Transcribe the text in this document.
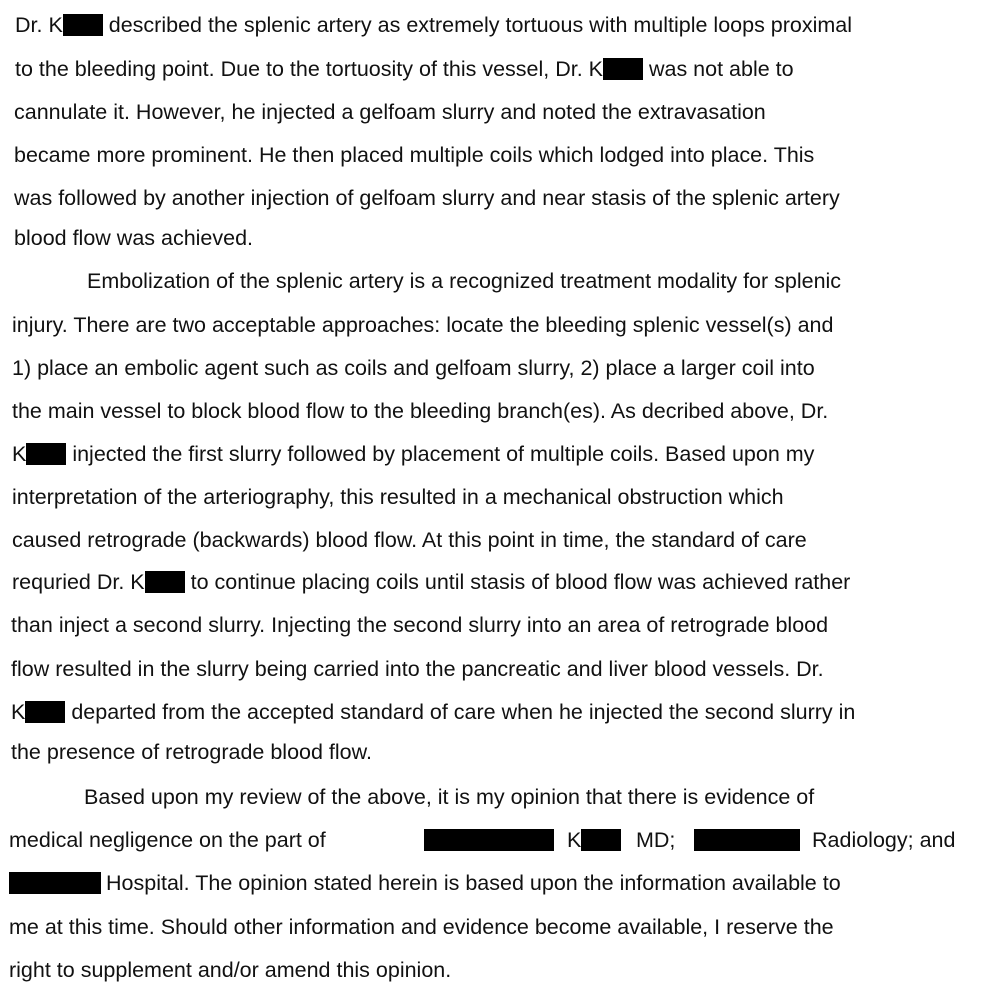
Dr. K described the splenic artery as extremely tortuous with multiple loops proximal
to the bleeding point. Due to the tortuosity of this vessel, Dr. K was not able to
cannulate it. However, he injected a gelfoam slurry and noted the extravasation
became more prominent. He then placed multiple coils which lodged into place. This
was followed by another injection of gelfoam slurry and near stasis of the splenic artery
blood flow was achieved.
Embolization of the splenic artery is a recognized treatment modality for splenic
injury. There are two acceptable approaches: locate the bleeding splenic vessel(s) and
1) place an embolic agent such as coils and gelfoam slurry, 2) place a larger coil into
the main vessel to block blood flow to the bleeding branch(es). As decribed above, Dr.
K injected the first slurry followed by placement of multiple coils. Based upon my
interpretation of the arteriography, this resulted in a mechanical obstruction which
caused retrograde (backwards) blood flow. At this point in time, the standard of care
requried Dr. K to continue placing coils until stasis of blood flow was achieved rather
than inject a second slurry. Injecting the second slurry into an area of retrograde blood
flow resulted in the slurry being carried into the pancreatic and liver blood vessels. Dr.
K departed from the accepted standard of care when he injected the second slurry in
the presence of retrograde blood flow.
Based upon my review of the above, it is my opinion that there is evidence of
medical negligence on the part of	K	MD;	Radiology; and
Hospital. The opinion stated herein is based upon the information available to
me at this time. Should other information and evidence become available, I reserve the
right to supplement and/or amend this opinion.
